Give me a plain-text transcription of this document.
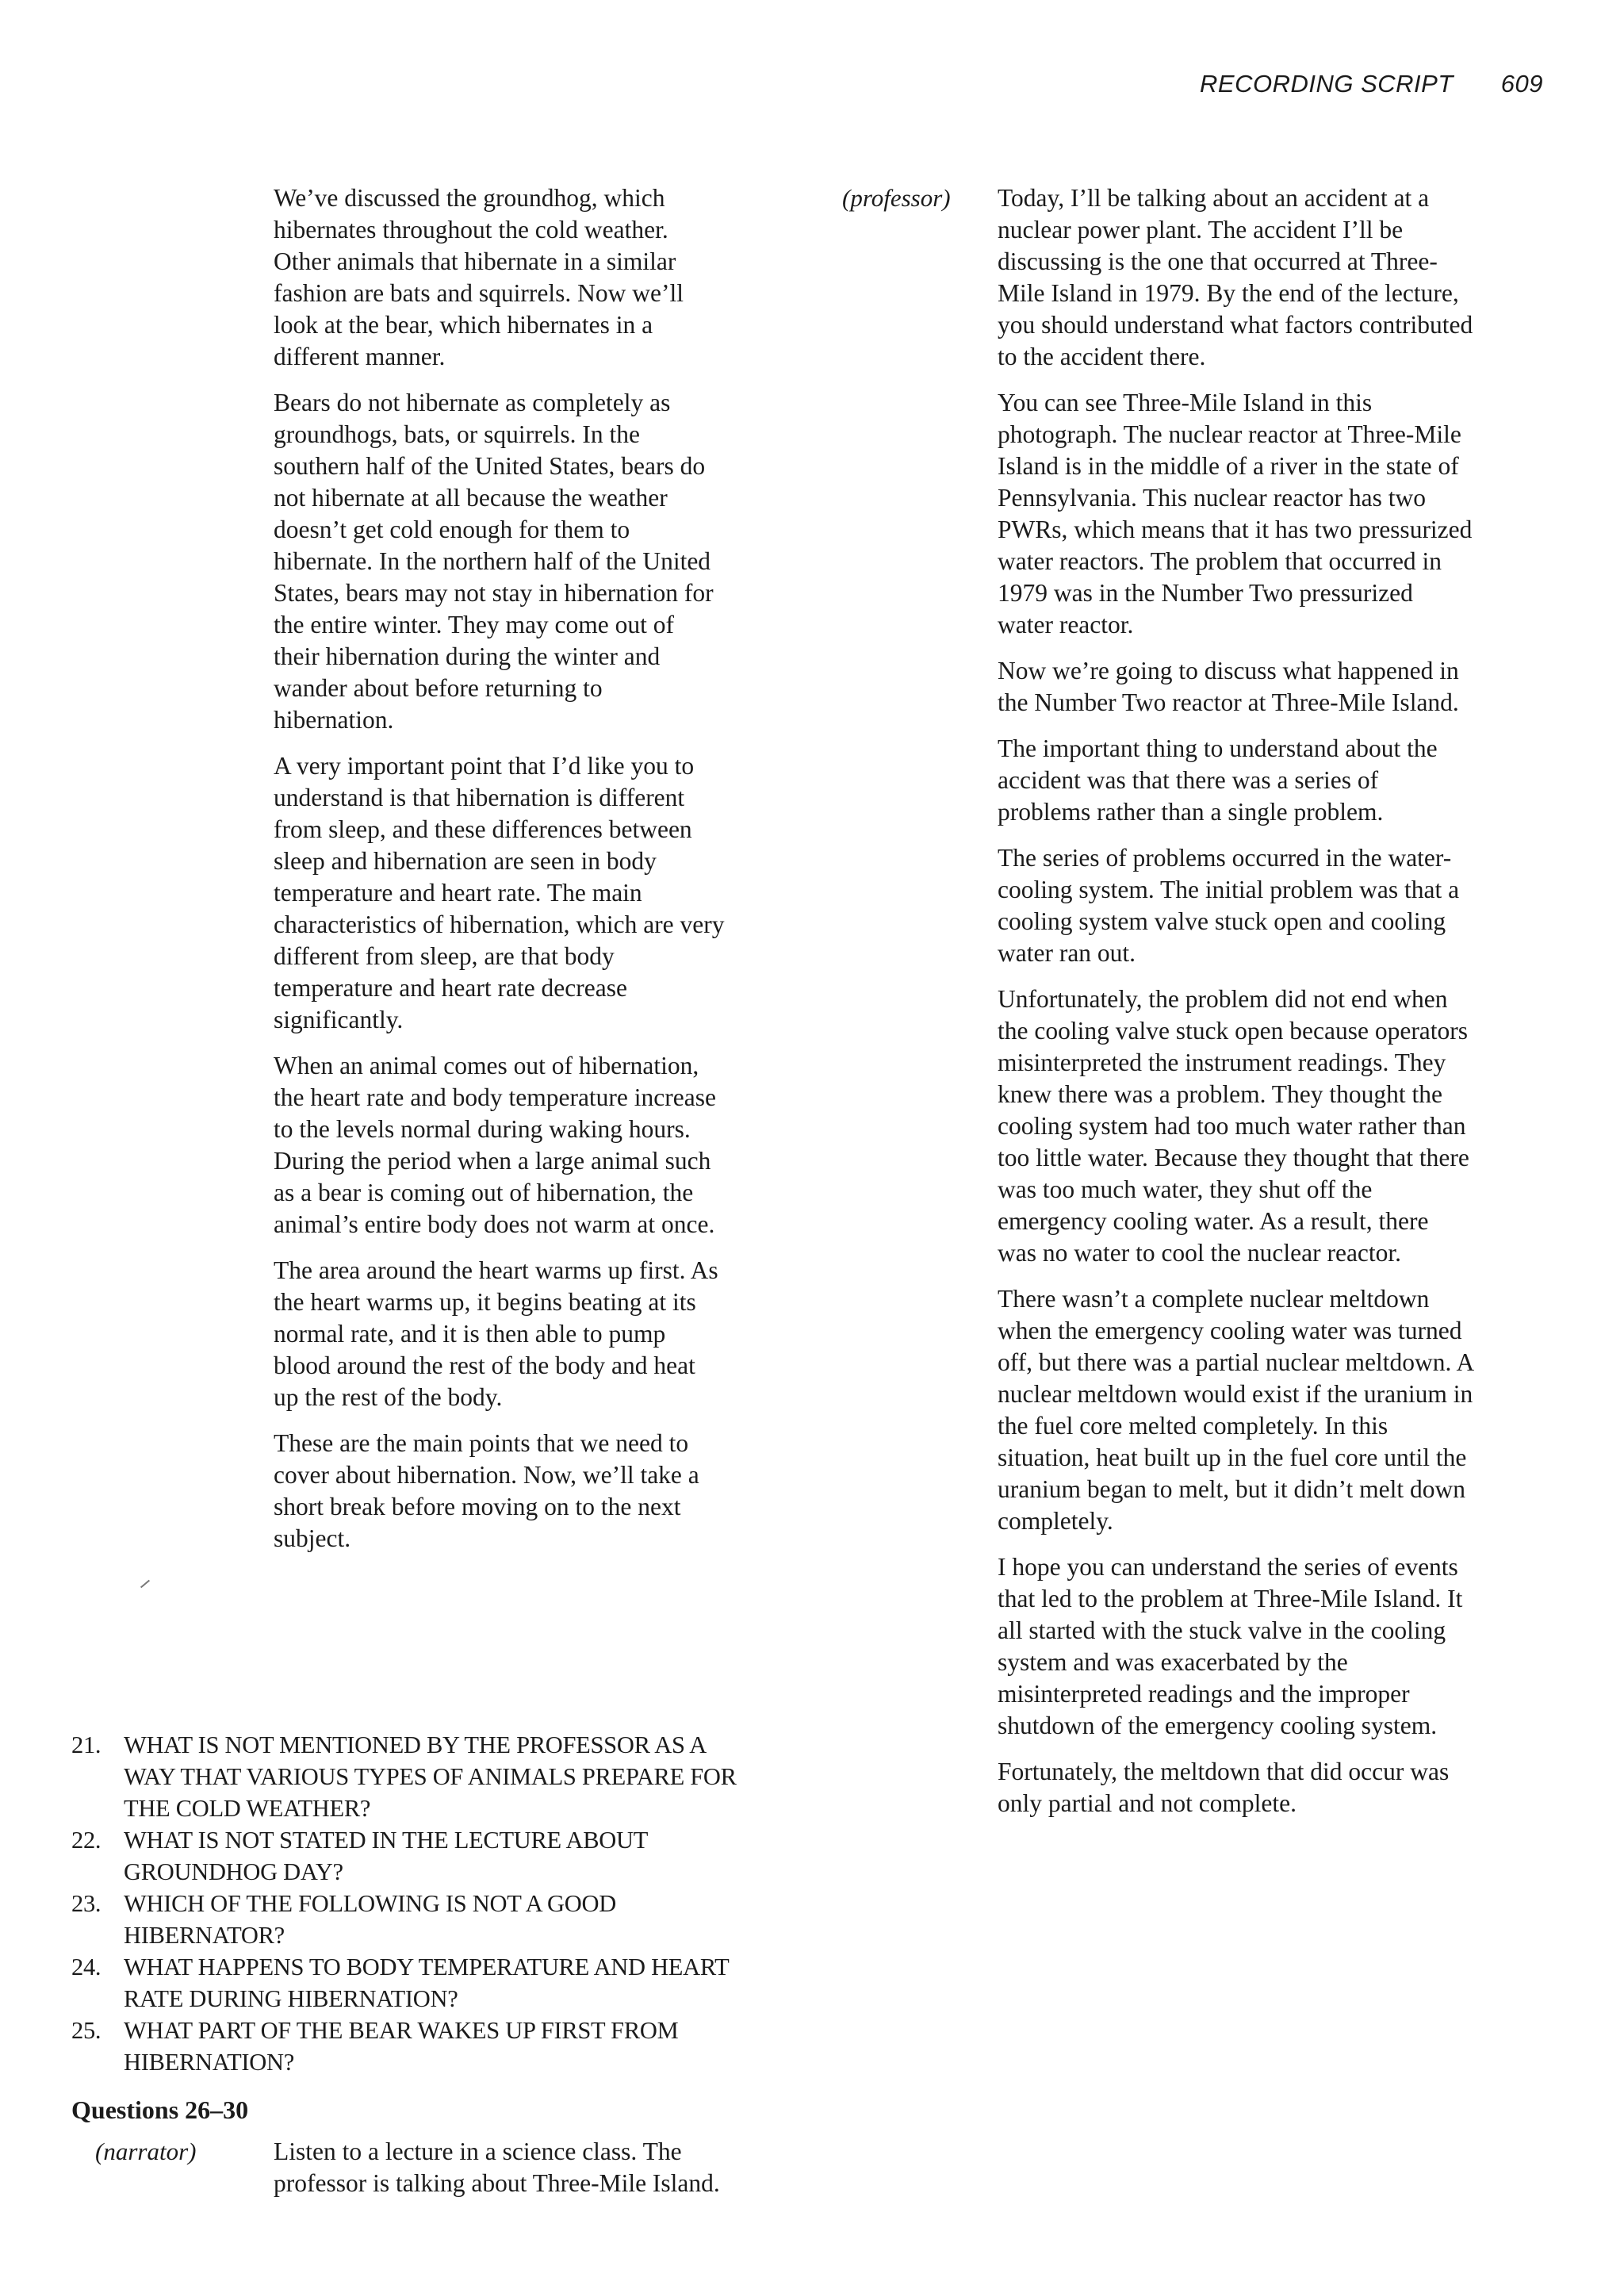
RECORDING SCRIPT 609

We’ve discussed the groundhog, which hibernates throughout the cold weather. Other animals that hibernate in a similar fashion are bats and squirrels. Now we’ll look at the bear, which hibernates in a different manner.

Bears do not hibernate as completely as groundhogs, bats, or squirrels. In the southern half of the United States, bears do not hibernate at all because the weather doesn’t get cold enough for them to hibernate. In the northern half of the United States, bears may not stay in hibernation for the entire winter. They may come out of their hibernation during the winter and wander about before returning to hibernation.

A very important point that I’d like you to understand is that hibernation is different from sleep, and these differences between sleep and hibernation are seen in body temperature and heart rate. The main characteristics of hibernation, which are very different from sleep, are that body temperature and heart rate decrease significantly.

When an animal comes out of hibernation, the heart rate and body temperature increase to the levels normal during waking hours. During the period when a large animal such as a bear is coming out of hibernation, the animal’s entire body does not warm at once.

The area around the heart warms up first. As the heart warms up, it begins beating at its normal rate, and it is then able to pump blood around the rest of the body and heat up the rest of the body.

These are the main points that we need to cover about hibernation. Now, we’ll take a short break before moving on to the next subject.

21. WHAT IS NOT MENTIONED BY THE PROFESSOR AS A WAY THAT VARIOUS TYPES OF ANIMALS PREPARE FOR THE COLD WEATHER?
22. WHAT IS NOT STATED IN THE LECTURE ABOUT GROUNDHOG DAY?
23. WHICH OF THE FOLLOWING IS NOT A GOOD HIBERNATOR?
24. WHAT HAPPENS TO BODY TEMPERATURE AND HEART RATE DURING HIBERNATION?
25. WHAT PART OF THE BEAR WAKES UP FIRST FROM HIBERNATION?
Questions 26–30
(narrator)	Listen to a lecture in a science class. The professor is talking about Three-Mile Island.
(professor) Today, I’ll be talking about an accident at a nuclear power plant. The accident I’ll be discussing is the one that occurred at Three-Mile Island in 1979. By the end of the lecture, you should understand what factors contributed to the accident there.

You can see Three-Mile Island in this photograph. The nuclear reactor at Three-Mile Island is in the middle of a river in the state of Pennsylvania. This nuclear reactor has two PWRs, which means that it has two pressurized water reactors. The problem that occurred in 1979 was in the Number Two pressurized water reactor.

Now we’re going to discuss what happened in the Number Two reactor at Three-Mile Island.

The important thing to understand about the accident was that there was a series of problems rather than a single problem.

The series of problems occurred in the water-cooling system. The initial problem was that a cooling system valve stuck open and cooling water ran out.

Unfortunately, the problem did not end when the cooling valve stuck open because operators misinterpreted the instrument readings. They knew there was a problem. They thought the cooling system had too much water rather than too little water. Because they thought that there was too much water, they shut off the emergency cooling water. As a result, there was no water to cool the nuclear reactor.

There wasn’t a complete nuclear meltdown when the emergency cooling water was turned off, but there was a partial nuclear meltdown. A nuclear meltdown would exist if the uranium in the fuel core melted completely. In this situation, heat built up in the fuel core until the uranium began to melt, but it didn’t melt down completely.

I hope you can understand the series of events that led to the problem at Three-Mile Island. It all started with the stuck valve in the cooling system and was exacerbated by the misinterpreted readings and the improper shutdown of the emergency cooling system.

Fortunately, the meltdown that did occur was only partial and not complete.
